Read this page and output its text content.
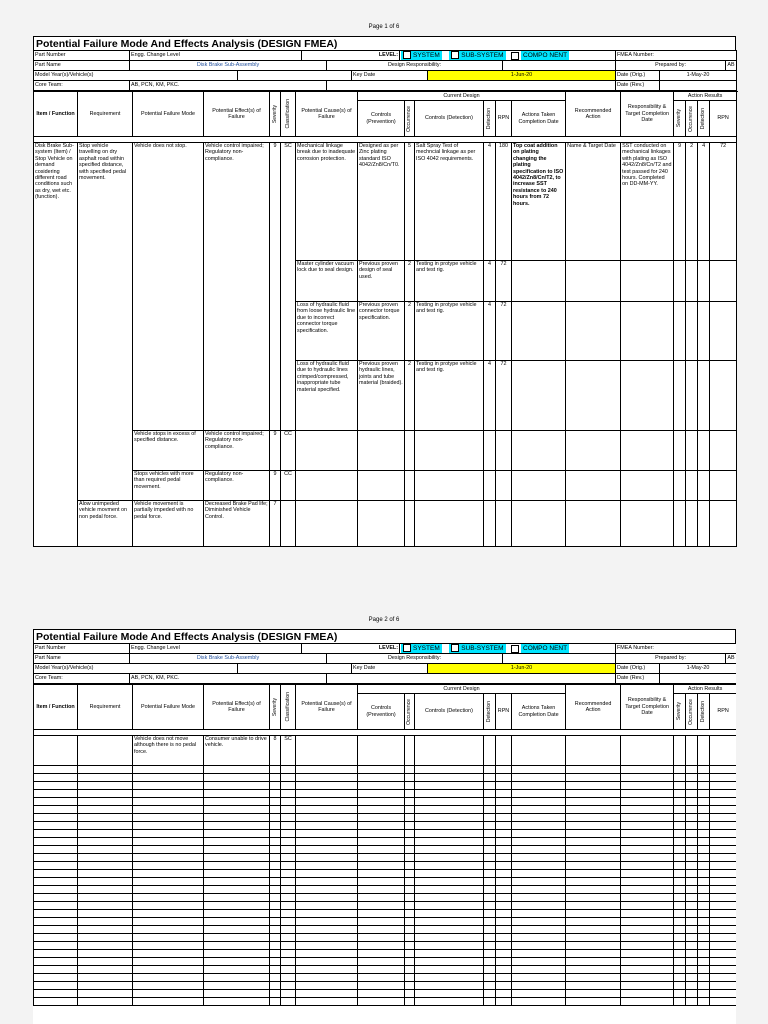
Page 1 of 6
Potential Failure Mode And Effects Analysis (DESIGN FMEA)
Part Number	Engg. Change Level		LEVEL:			SYSTEM SUB-SYSTEM COMPO NENT			FMEA Number:		
Part Name	Disk Brake Sub-Assembly			Design Responsibility:					Prepared by:		AB
Model Year(s)/Vehicle(s)					Key Date		1-Jun-20		Date (Orig.)	1-May-20	
Core Team:	AB, PCN, KM, PKC.								Date (Rev.)		
Item / Function	Requirement	Potential Failure Mode	Potential Effect(s) of Failure	Severity	Classification	Potential Cause(s) of Failure	Current Design						Recommended Action	Responsibility & Target Completion Date	Action Results			
							Controls (Prevention)	Occurrence	Controls (Detection)	Detection	RPN	Actions Taken Completion Date			Severity	Occurrence	Detection	RPN

Disk Brake Sub-system (Item) / Stop Vehicle on demand cosidering different road conditions such as dry, wet etc. (function).	Stop vehicle travelling on dry asphalt road within specified distance, with specified pedal movement.	Vehicle does not stop.	Vehicle control impaired; Regulatory non-compliance.	9	SC	Mechanical linkage break due to inadequate corrosion protection.	Designed as per Zinc plating standard ISO 4042/Zn8/Cn/T0.	5	Salt Spray Test of mechncial linkage as per ISO 4042 requirements.	4	180	Top coat addition on plating changing the plating specification to ISO 4042/Zn8/Cn/T2, to increase SST resistance to 240 hours from 72 hours.	Name & Target Date	SST conducted on mechanical linkages with plating as ISO 4042/Zn8/Cn/T2 and test passed for 240 hours. Completed on DD-MM-YY.	9	2	4	72
						Master cylinder vacuum lock due to seal design.	Previous proven design of seal used.	2	Testing in protype vehicle and test rig.	4	72							
						Loss of hydraulic fluid from loose hydraulic line due to incorrect connector torque specification.	Previous proven connector torque specification.	2	Testing in protype vehicle and test rig.	4	72							
						Loss of hydraulic fluid due to hydraulic lines crimped/compressed, inappropriate tube material specified.	Previous proven hydraulic lines, joints and tube material (braided).	2	Testing in protype vehicle and test rig.	4	72							
		Vehicle stops in excess of specified distance.	Vehicle control impaired; Regulatory non-compliance.	9	CC													
		Stops vehicles with more than required pedal movement.	Regulatory non-compliance.	9	CC													
	Alow unimpeded vehicle movment on non pedal force.	Vehicle movement is partially impeded with no pedal force.	Decreased Brake Pad life; Diminished Vehicle Control.	7														
Page 2 of 6
Potential Failure Mode And Effects Analysis (DESIGN FMEA)
Part Number	Engg. Change Level		LEVEL:			SYSTEM SUB-SYSTEM COMPO NENT			FMEA Number:		
Part Name	Disk Brake Sub-Assembly			Design Responsibility:					Prepared by:		AB
Model Year(s)/Vehicle(s)					Key Date		1-Jun-20		Date (Orig.)	1-May-20	
Core Team:	AB, PCN, KM, PKC.								Date (Rev.)		
Item / Function	Requirement	Potential Failure Mode	Potential Effect(s) of Failure	Severity	Classification	Potential Cause(s) of Failure	Current Design						Recommended Action	Responsibility & Target Completion Date	Action Results			
							Controls (Prevention)	Occurrence	Controls (Detection)	Detection	RPN	Actions Taken Completion Date			Severity	Occurrence	Detection	RPN

		Vehicle does not move although there is no pedal force.	Consumer unable to drive vehicle.	8	SC													
